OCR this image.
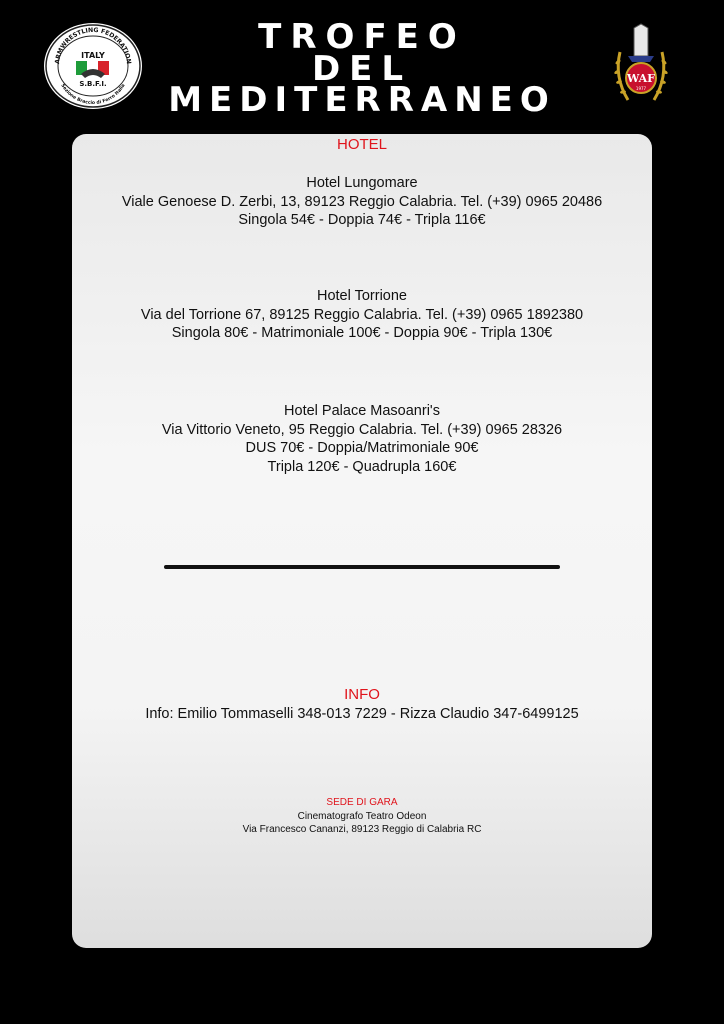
ARMWRESTLING FEDERATION
Sezione Braccio di Ferro Italia
ITALY
S.B.F.I.
TROFEO
DEL
MEDITERRANEO
WAF
1977
HOTEL
Hotel Lungomare
Viale Genoese D. Zerbi, 13, 89123 Reggio Calabria. Tel. (+39) 0965 20486
Singola 54€ - Doppia 74€ - Tripla 116€
Hotel Torrione
Via del Torrione 67, 89125 Reggio Calabria. Tel. (+39) 0965 1892380
Singola 80€ - Matrimoniale 100€ - Doppia 90€ - Tripla 130€
Hotel Palace Masoanri's
Via Vittorio Veneto, 95 Reggio Calabria. Tel. (+39) 0965 28326
DUS 70€ - Doppia/Matrimoniale 90€
Tripla 120€ - Quadrupla 160€
INFO
Info: Emilio Tommaselli 348-013 7229 - Rizza Claudio 347-6499125
SEDE DI GARA
Cinematografo Teatro Odeon
Via Francesco Cananzi, 89123 Reggio di Calabria RC
